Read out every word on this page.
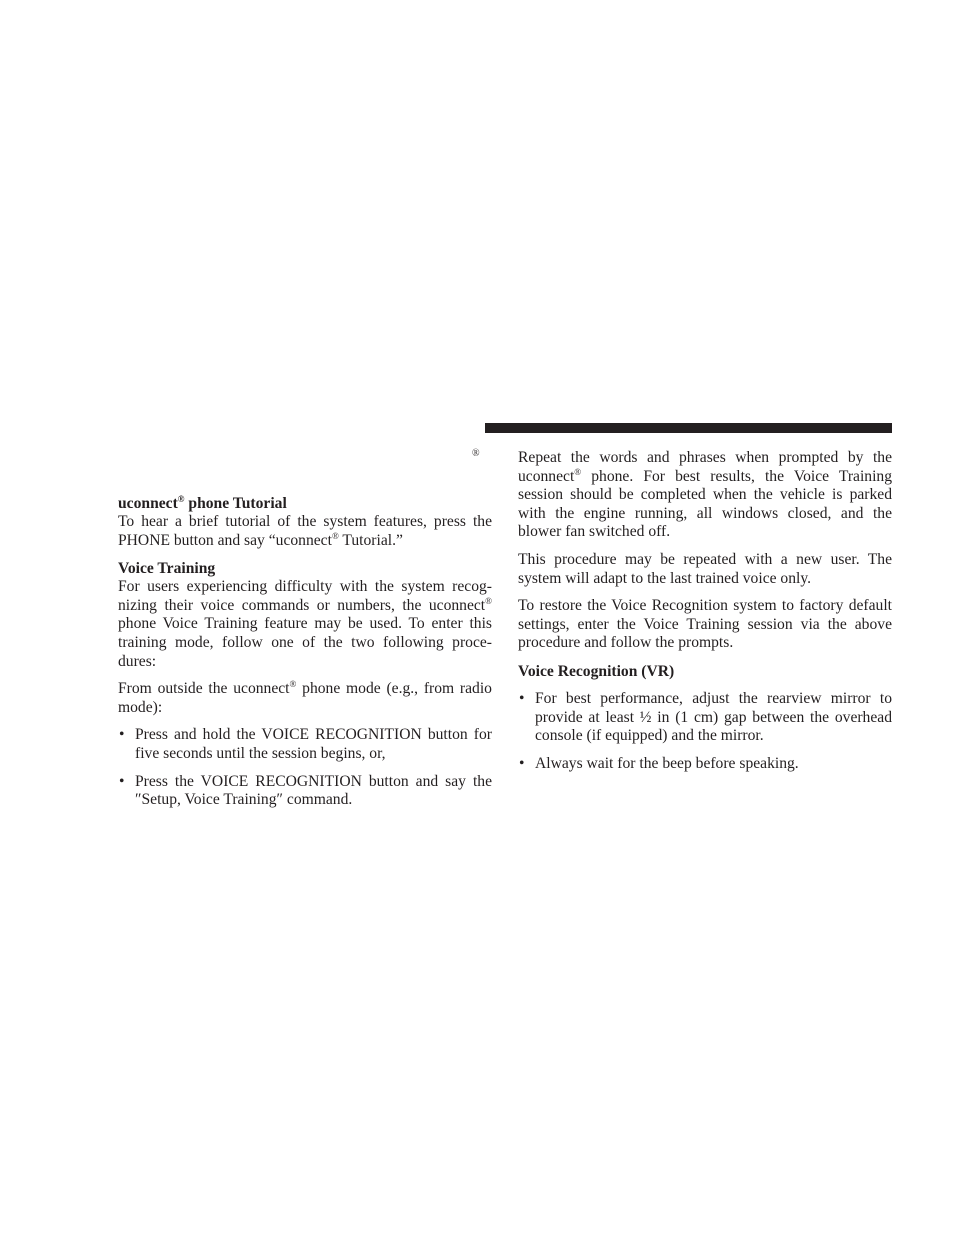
®
uconnect® phone Tutorial

To hear a brief tutorial of the system features, press the PHONE button and say “uconnect® Tutorial.”

Voice Training

For users experiencing difficulty with the system recog-nizing their voice commands or numbers, the uconnect® phone Voice Training feature may be used. To enter this training mode, follow one of the two following proce-dures:

From outside the uconnect® phone mode (e.g., from radio mode):

• Press and hold the VOICE RECOGNITION button for five seconds until the session begins, or,
• Press the VOICE RECOGNITION button and say the ″Setup, Voice Training″ command.

Repeat the words and phrases when prompted by the uconnect® phone. For best results, the Voice Training session should be completed when the vehicle is parked with the engine running, all windows closed, and the blower fan switched off.

This procedure may be repeated with a new user. The system will adapt to the last trained voice only.

To restore the Voice Recognition system to factory default settings, enter the Voice Training session via the above procedure and follow the prompts.

Voice Recognition (VR)
• For best performance, adjust the rearview mirror to provide at least ½ in (1 cm) gap between the overhead console (if equipped) and the mirror.
• Always wait for the beep before speaking.
